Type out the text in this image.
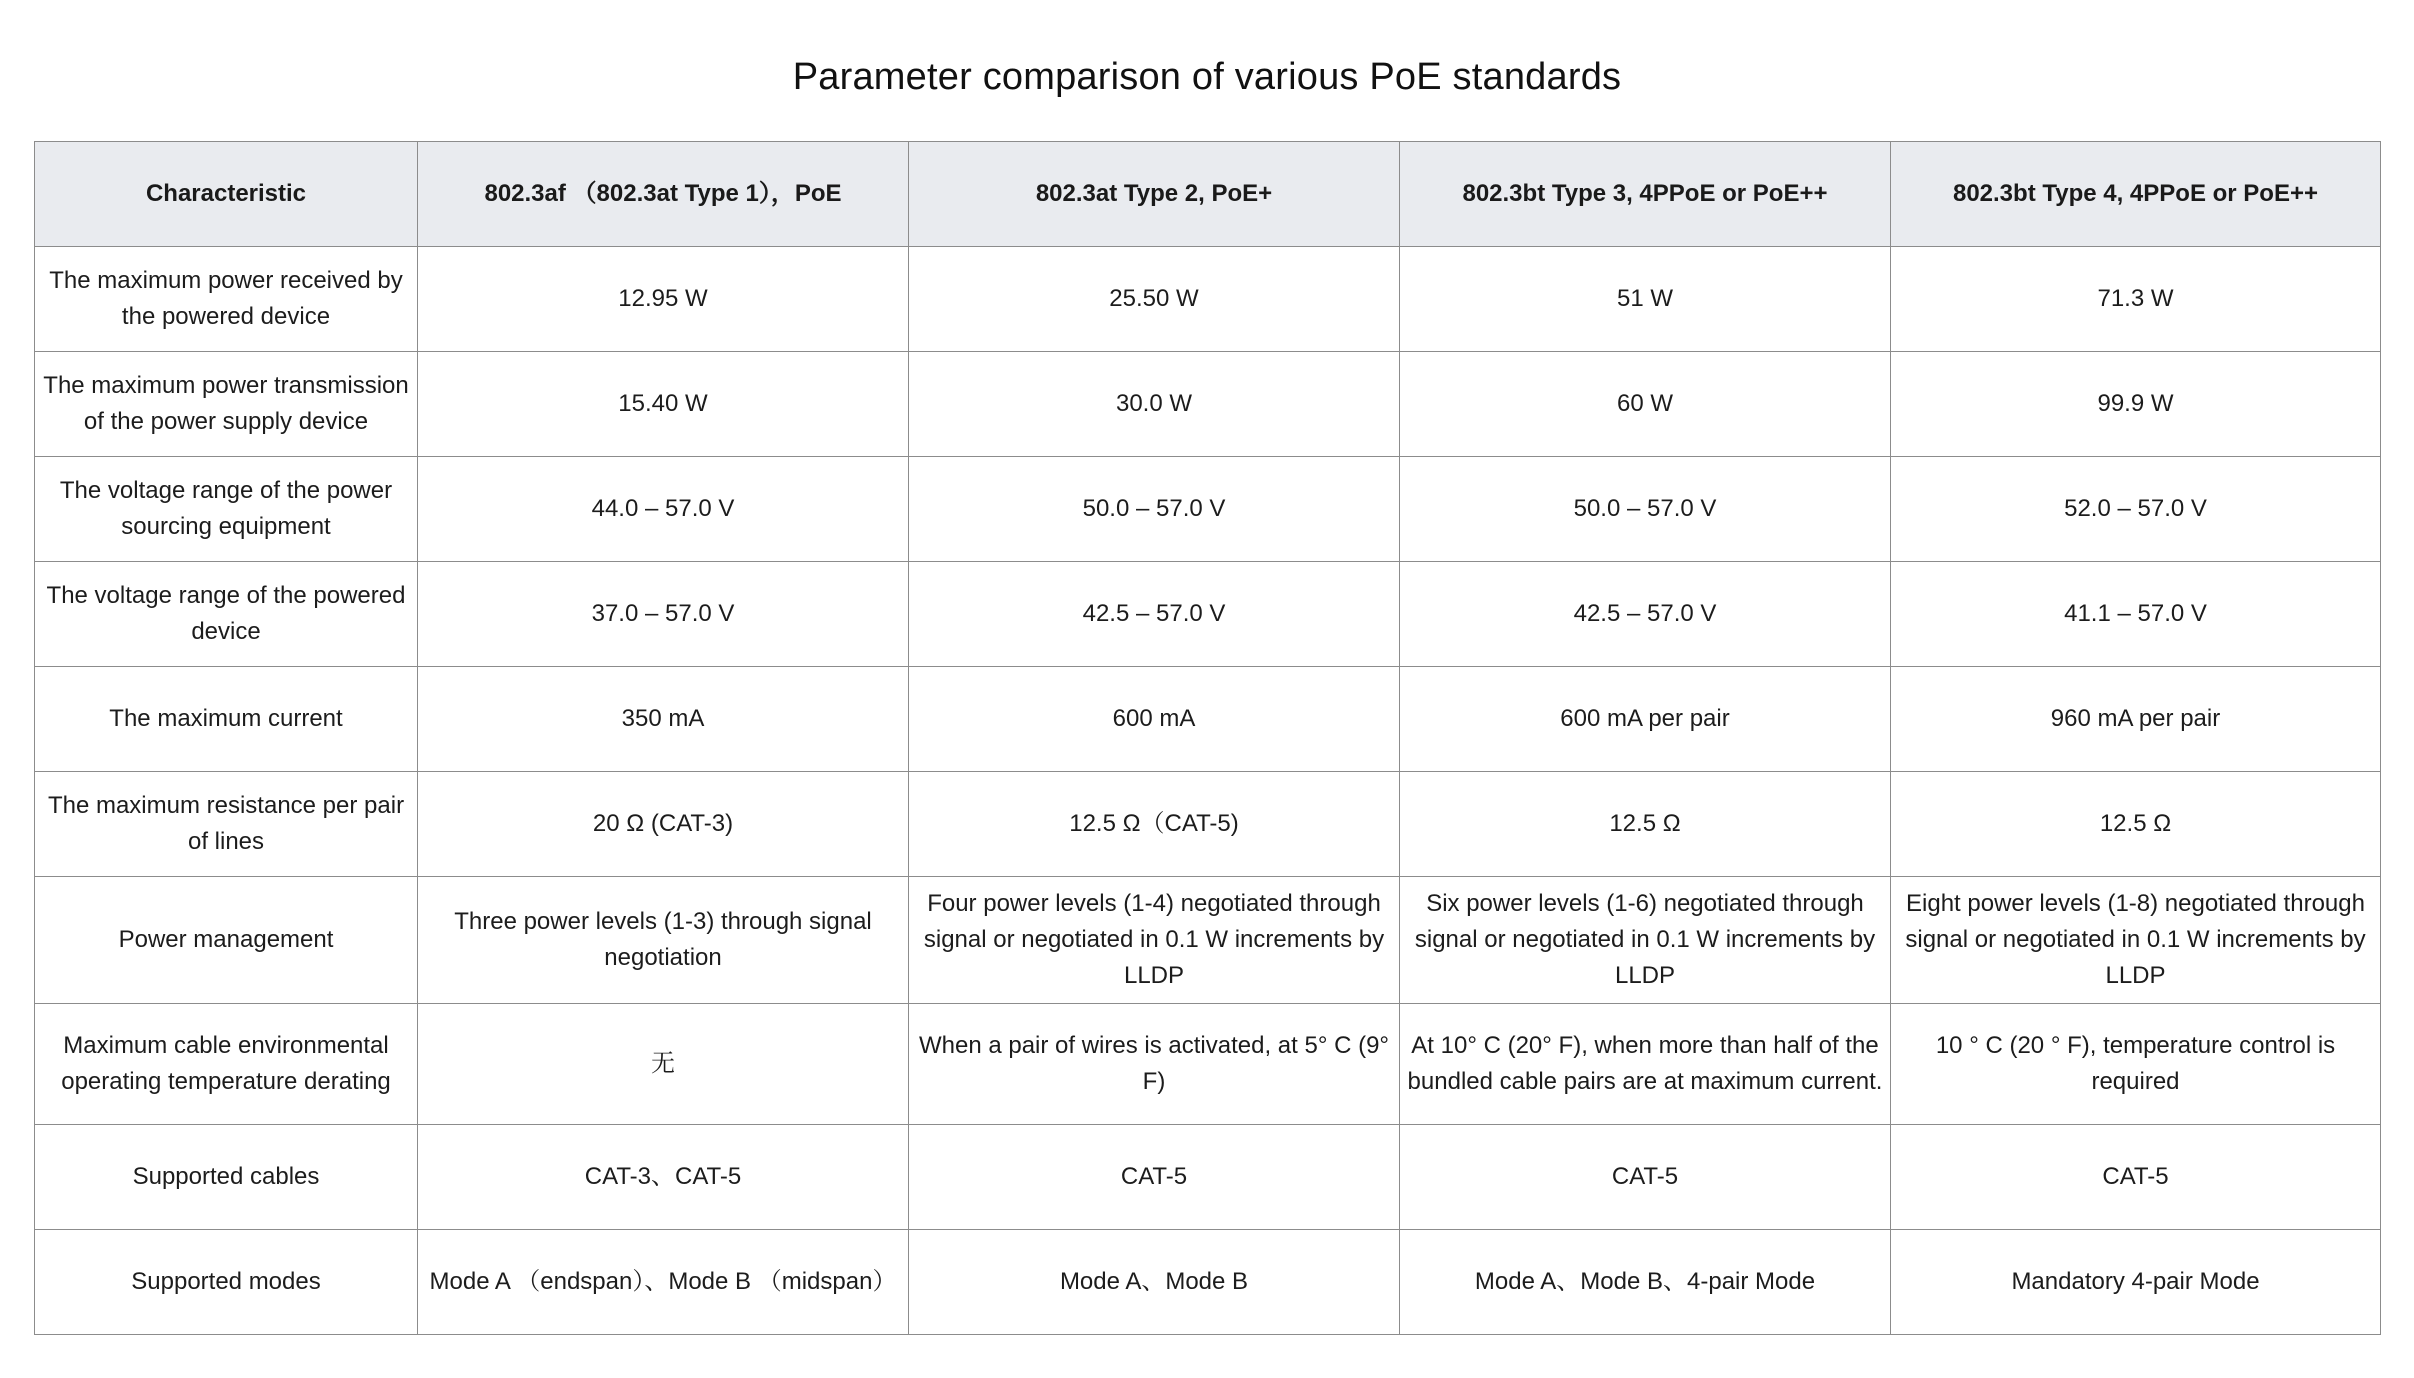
Parameter comparison of various PoE standards
Characteristic	802.3af （802.3at Type 1），PoE	802.3at Type 2, PoE+	802.3bt Type 3, 4PPoE or PoE++	802.3bt Type 4, 4PPoE or PoE++
The maximum power received by the powered device	12.95 W	25.50 W	51 W	71.3 W
The maximum power transmission of the power supply device	15.40 W	30.0 W	60 W	99.9 W
The voltage range of the power sourcing equipment	44.0 – 57.0 V	50.0 – 57.0 V	50.0 – 57.0 V	52.0 – 57.0 V
The voltage range of the powered device	37.0 – 57.0 V	42.5 – 57.0 V	42.5 – 57.0 V	41.1 – 57.0 V
The maximum current	350 mA	600 mA	600 mA per pair	960 mA per pair
The maximum resistance per pair of lines	20 Ω (CAT-3)	12.5 Ω（CAT-5)	12.5 Ω	12.5 Ω
Power management	Three power levels (1-3) through signal negotiation	Four power levels (1-4) negotiated through signal or negotiated in 0.1 W increments by LLDP	Six power levels (1-6) negotiated through signal or negotiated in 0.1 W increments by LLDP	Eight power levels (1-8) negotiated through signal or negotiated in 0.1 W increments by LLDP
Maximum cable environmental operating temperature derating	无	When a pair of wires is activated, at 5° C (9° F)	At 10° C (20° F), when more than half of the bundled cable pairs are at maximum current.	10 ° C (20 ° F), temperature control is required
Supported cables	CAT-3、CAT-5	CAT-5	CAT-5	CAT-5
Supported modes	Mode A （endspan）、Mode B （midspan）	Mode A、Mode B	Mode A、Mode B、4-pair Mode	Mandatory 4-pair Mode
